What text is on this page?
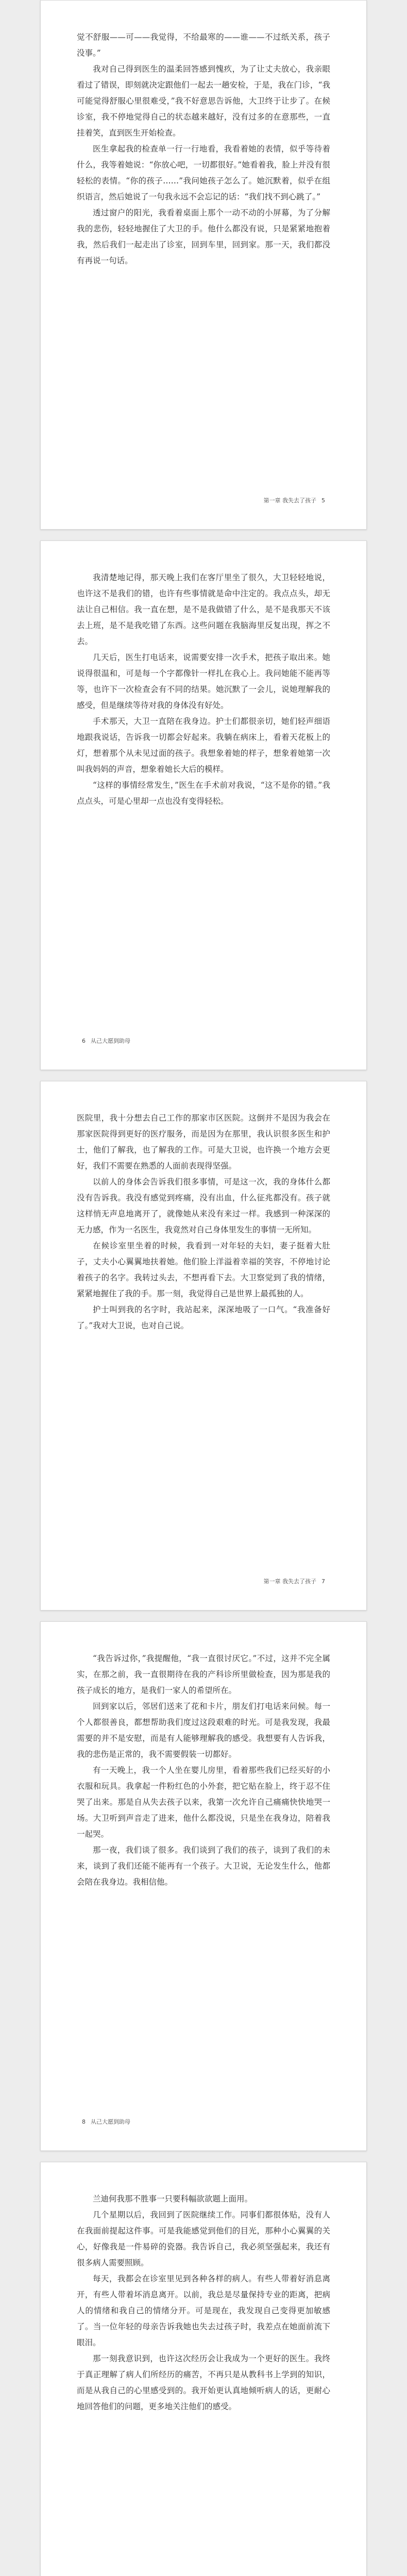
觉不舒服——可——我觉得，不给最寒的——谁——不过纸关系，孩子没事。”

我对自己得到医生的温柔回答感到愧疚，为了让丈夫放心，我亲眼看过了错误，即刻就决定跟他们一起去一趟安检，于是，我在门诊，“我可能觉得舒服心里很难受，”我不好意思告诉他，大卫终于让步了。在候诊室，我不停地觉得自己的状态越来越好，没有过多的在意那些，一直挂着笑，直到医生开始检查。

医生拿起我的检查单一行一行地看，我看着她的表情，似乎等待着什么，我等着她说：“你放心吧，一切都很好。”她看着我，脸上并没有很轻松的表情。“你的孩子……”我问她孩子怎么了。她沉默着，似乎在组织语言，然后她说了一句我永远不会忘记的话：“我们找不到心跳了。”

透过窗户的阳光，我看着桌面上那个一动不动的小屏幕，为了分解我的悲伤，轻轻地握住了大卫的手。他什么都没有说，只是紧紧地抱着我，然后我们一起走出了诊室，回到车里，回到家。那一天，我们都没有再说一句话。

第一章 我失去了孩子 5

我清楚地记得，那天晚上我们在客厅里坐了很久，大卫轻轻地说，也许这不是我们的错，也许有些事情就是命中注定的。我点点头，却无法让自己相信。我一直在想，是不是我做错了什么，是不是我那天不该去上班，是不是我吃错了东西。这些问题在我脑海里反复出现，挥之不去。

几天后，医生打电话来，说需要安排一次手术，把孩子取出来。她说得很温和，可是每一个字都像针一样扎在我心上。我问她能不能再等等，也许下一次检查会有不同的结果。她沉默了一会儿，说她理解我的感受，但是继续等待对我的身体没有好处。

手术那天，大卫一直陪在我身边。护士们都很亲切，她们轻声细语地跟我说话，告诉我一切都会好起来。我躺在病床上，看着天花板上的灯，想着那个从未见过面的孩子。我想象着她的样子，想象着她第一次叫我妈妈的声音，想象着她长大后的模样。

“这样的事情经常发生，”医生在手术前对我说，“这不是你的错。”我点点头，可是心里却一点也没有变得轻松。

6 从己大愿到助母

医院里，我十分想去自己工作的那家市区医院。这倒并不是因为我会在那家医院得到更好的医疗服务，而是因为在那里，我认识很多医生和护士，他们了解我，也了解我的工作。可是大卫说，也许换一个地方会更好，我们不需要在熟悉的人面前表现得坚强。

以前人的身体会告诉我们很多事情，可是这一次，我的身体什么都没有告诉我。我没有感觉到疼痛，没有出血，什么征兆都没有。孩子就这样悄无声息地离开了，就像她从来没有来过一样。我感到一种深深的无力感，作为一名医生，我竟然对自己身体里发生的事情一无所知。

在候诊室里坐着的时候，我看到一对年轻的夫妇，妻子挺着大肚子，丈夫小心翼翼地扶着她。他们脸上洋溢着幸福的笑容，不停地讨论着孩子的名字。我转过头去，不想再看下去。大卫察觉到了我的情绪，紧紧地握住了我的手。那一刻，我觉得自己是世界上最孤独的人。

护士叫到我的名字时，我站起来，深深地吸了一口气。“我准备好了。”我对大卫说，也对自己说。

第一章 我失去了孩子 7

“我告诉过你，”我提醒他，“我一直很讨厌它。”不过，这并不完全属实，在那之前，我一直很期待在我的产科诊所里做检查，因为那是我的孩子成长的地方，是我们一家人的希望所在。

回到家以后，邻居们送来了花和卡片，朋友们打电话来问候。每一个人都很善良，都想帮助我们度过这段艰难的时光。可是我发现，我最需要的并不是安慰，而是有人能够理解我的感受。我想要有人告诉我，我的悲伤是正常的，我不需要假装一切都好。

有一天晚上，我一个人坐在婴儿房里，看着那些我们已经买好的小衣服和玩具。我拿起一件粉红色的小外套，把它贴在脸上，终于忍不住哭了出来。那是自从失去孩子以来，我第一次允许自己痛痛快快地哭一场。大卫听到声音走了进来，他什么都没说，只是坐在我身边，陪着我一起哭。

那一夜，我们谈了很多。我们谈到了我们的孩子，谈到了我们的未来，谈到了我们还能不能再有一个孩子。大卫说，无论发生什么，他都会陪在我身边。我相信他。

8 从己大愿到助母

兰迪何我那不胜事一只要科幅欲欲题上面用。

几个星期以后，我回到了医院继续工作。同事们都很体贴，没有人在我面前提起这件事。可是我能感觉到他们的目光，那种小心翼翼的关心，好像我是一件易碎的瓷器。我告诉自己，我必须坚强起来，我还有很多病人需要照顾。

每天，我都会在诊室里见到各种各样的病人。有些人带着好消息离开，有些人带着坏消息离开。以前，我总是尽量保持专业的距离，把病人的情绪和我自己的情绪分开。可是现在，我发现自己变得更加敏感了。当一位年轻的母亲告诉我她也失去过孩子时，我差点在她面前流下眼泪。

那一刻我意识到，也许这次经历会让我成为一个更好的医生。我终于真正理解了病人们所经历的痛苦，不再只是从教科书上学到的知识，而是从我自己的心里感受到的。我开始更认真地倾听病人的话，更耐心地回答他们的问题，更多地关注他们的感受。
